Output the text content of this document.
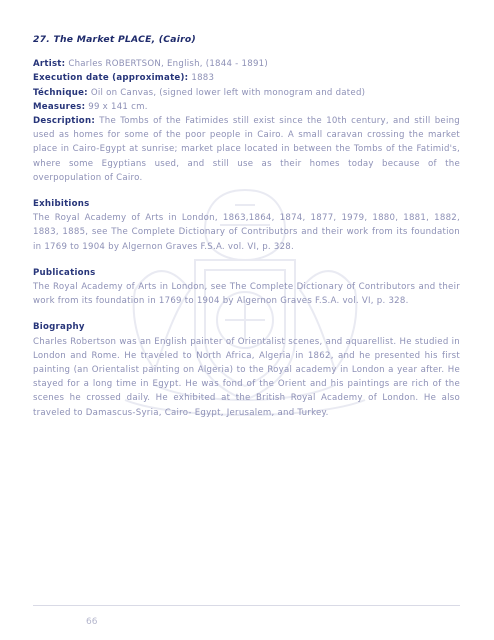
27. The Market PLACE, (Cairo)

Artist: Charles ROBERTSON, English, (1844 - 1891)

Execution date (approximate): 1883

Téchnique: Oil on Canvas, (signed lower left with monogram and dated)

Measures: 99 x 141 cm.

Description: The Tombs of the Fatimides still exist since the 10th century, and still being used as homes for some of the poor people in Cairo. A small caravan crossing the market place in Cairo-Egypt at sunrise; market place located in between the Tombs of the Fatimid's, where some Egyptians used, and still use as their homes today because of the overpopulation of Cairo.

Exhibitions

The Royal Academy of Arts in London, 1863,1864, 1874, 1877, 1979, 1880, 1881, 1882, 1883, 1885, see The Complete Dictionary of Contributors and their work from its foundation in 1769 to 1904 by Algernon Graves F.S.A. vol. VI, p. 328.

Publications

The Royal Academy of Arts in London, see The Complete Dictionary of Contributors and their work from its foundation in 1769 to 1904 by Algernon Graves F.S.A. vol. VI, p. 328.

Biography

Charles Robertson was an English painter of Orientalist scenes, and aquarellist. He studied in London and Rome. He traveled to North Africa, Algeria in 1862, and he presented his first painting (an Orientalist painting on Algeria) to the Royal academy in London a year after. He stayed for a long time in Egypt. He was fond of the Orient and his paintings are rich of the scenes he crossed daily. He exhibited at the British Royal Academy of London. He also traveled to Damascus-Syria, Cairo- Egypt, Jerusalem, and Turkey.

66
